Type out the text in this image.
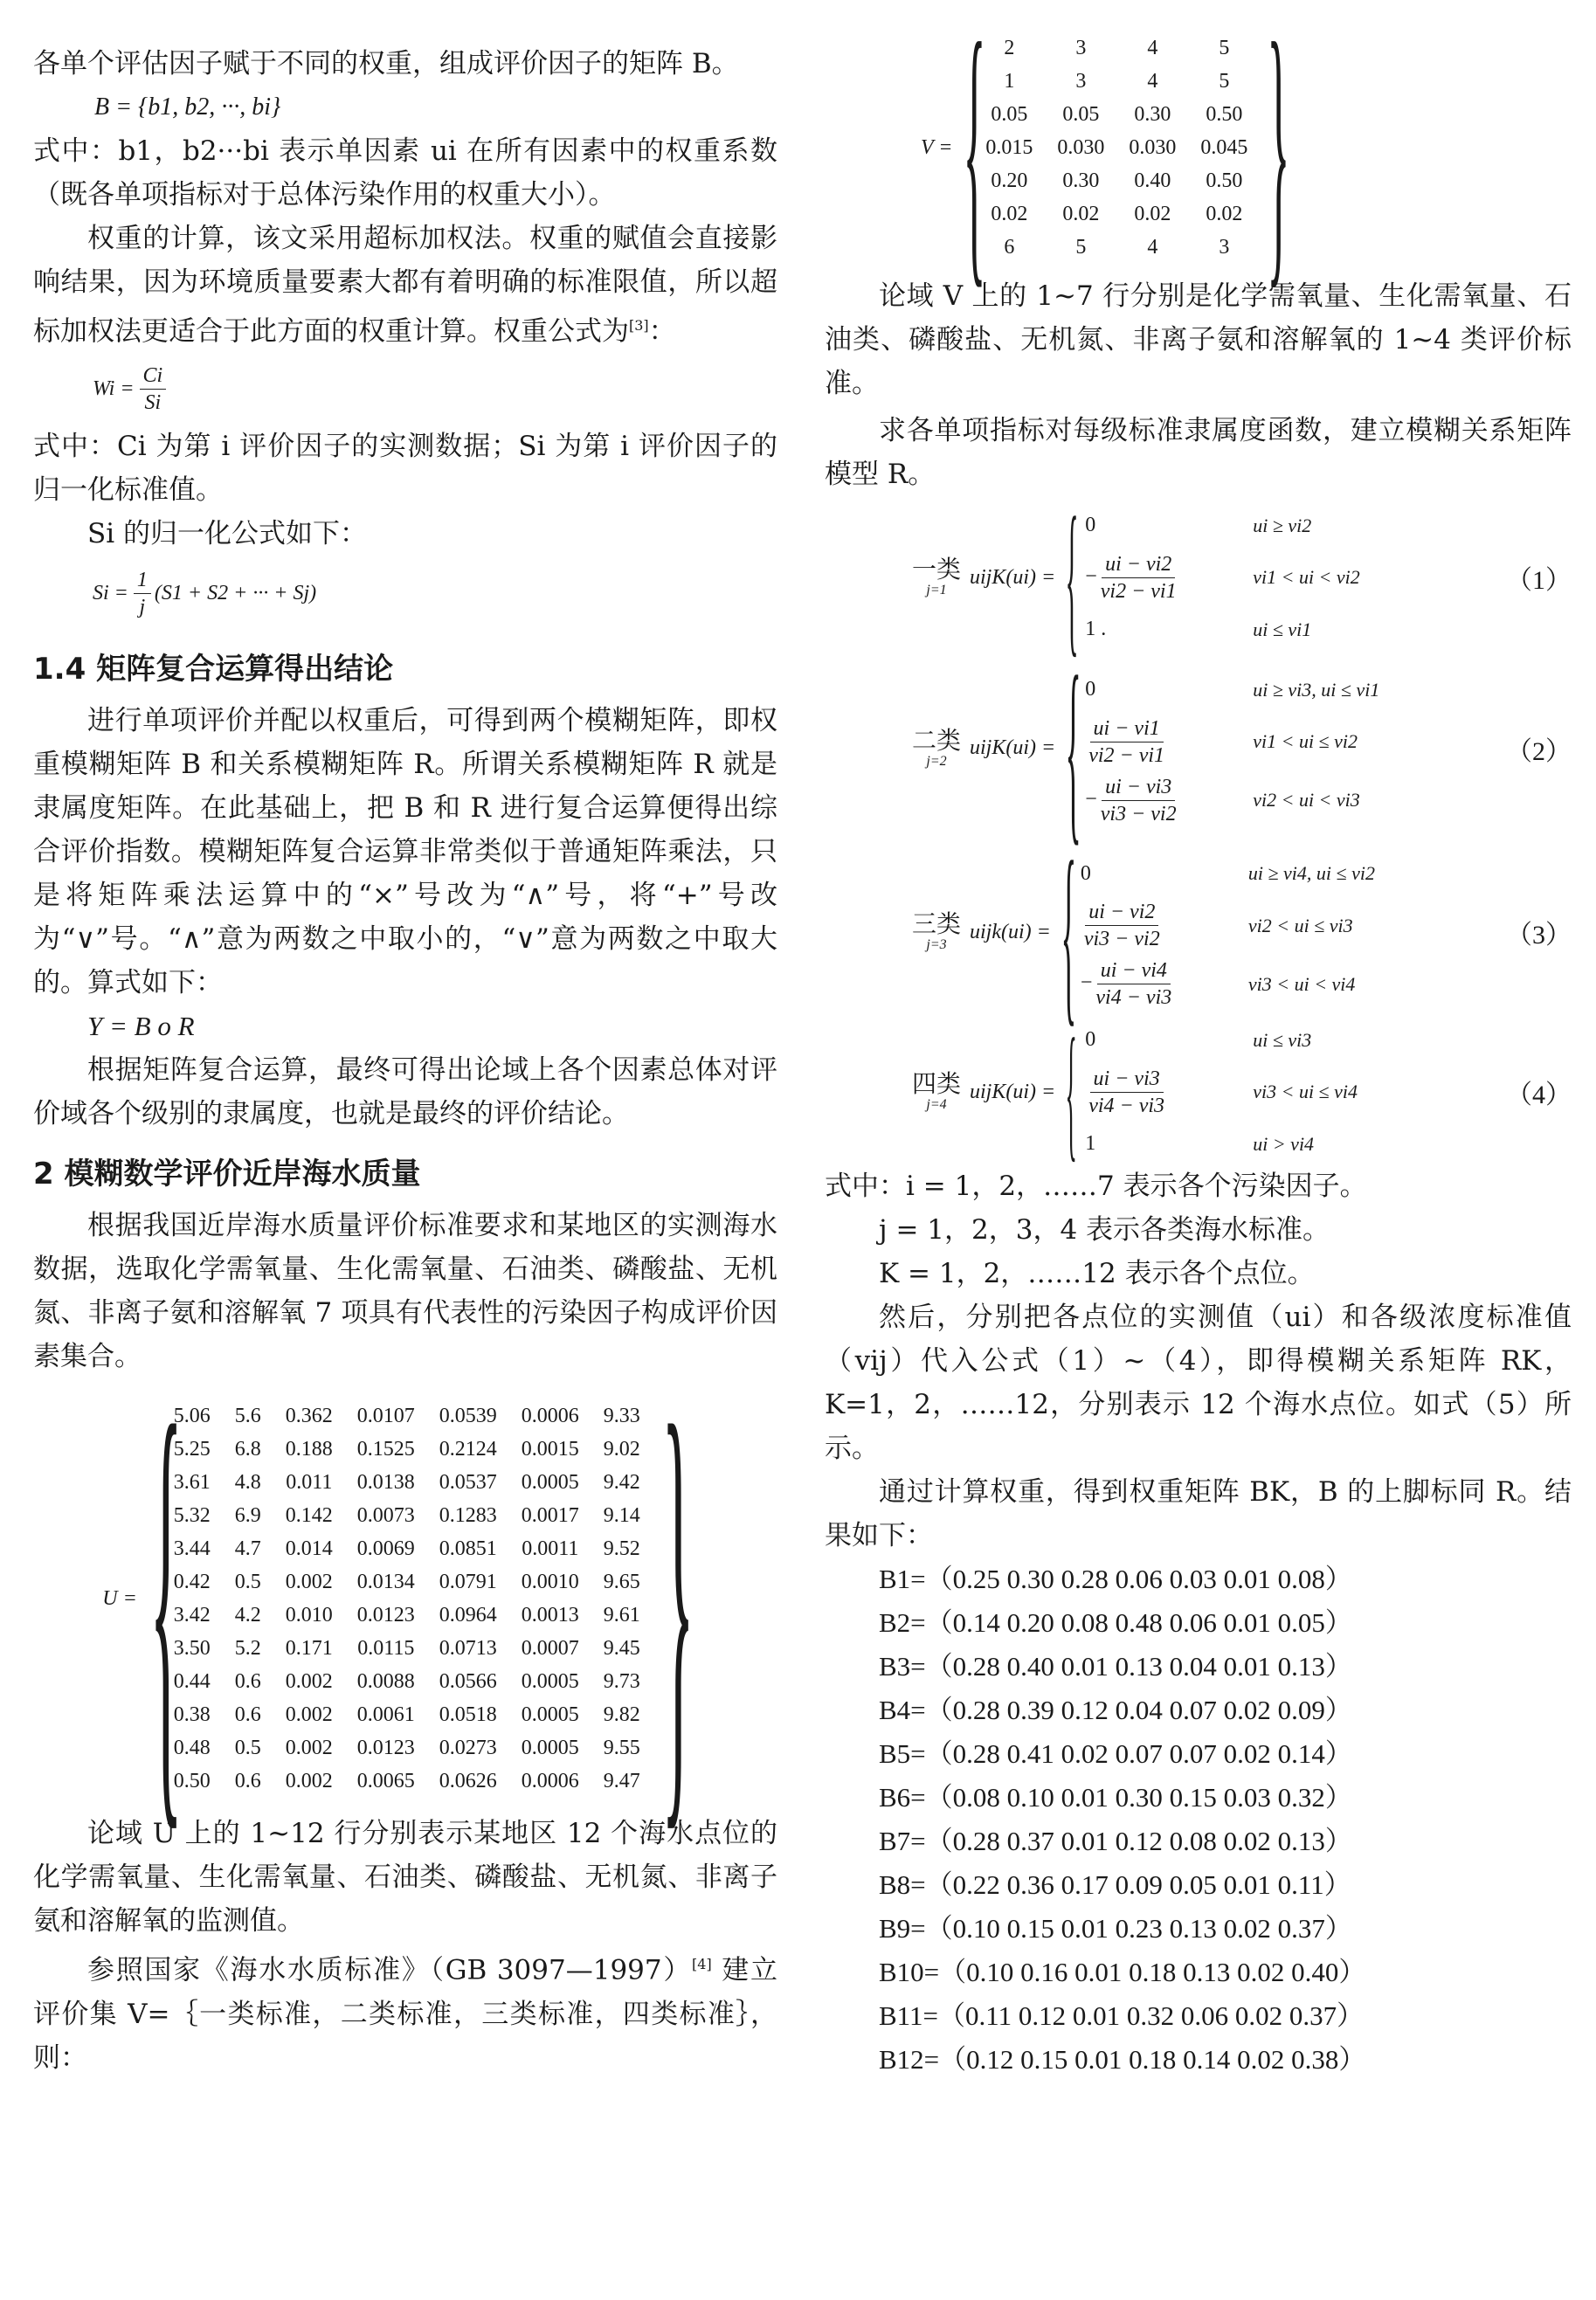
各单个评估因子赋于不同的权重，组成评价因子的矩阵 B。

B = {b1, b2, ···, bi}

式中：b1，b2···bi 表示单因素 ui 在所有因素中的权重系数（既各单项指标对于总体污染作用的权重大小）。

权重的计算，该文采用超标加权法。权重的赋值会直接影响结果，因为环境质量要素大都有着明确的标准限值，所以超标加权法更适合于此方面的权重计算。权重公式为[3]：

$Wi = \frac{Ci}{Si}$

式中：Ci 为第 i 评价因子的实测数据；Si 为第 i 评价因子的归一化标准值。

Si 的归一化公式如下：

$Si = \frac{1}{j} (S1 + S2$ + ··· + Sj)
1.4 矩阵复合运算得出结论

进行单项评价并配以权重后，可得到两个模糊矩阵，即权重模糊矩阵 B 和关系模糊矩阵 R。所谓关系模糊矩阵 R 就是隶属度矩阵。在此基础上，把 B 和 R 进行复合运算便得出综合评价指数。模糊矩阵复合运算非常类似于普通矩阵乘法，只是将矩阵乘法运算中的“×”号改为“∧”号，将“+”号改为“∨”号。“∧”意为两数之中取小的，“∨”意为两数之中取大的。算式如下：

Y = B o R

根据矩阵复合运算，最终可得出论域上各个因素总体对评价域各个级别的隶属度，也就是最终的评价结论。

2 模糊数学评价近岸海水质量

根据我国近岸海水质量评价标准要求和某地区的实测海水数据，选取化学需氧量、生化需氧量、石油类、磷酸盐、无机氮、非离子氨和溶解氧 7 项具有代表性的污染因子构成评价因素集合。

U = {
5.06	5.6	0.362	0.0107	0.0539	0.0006	9.33
5.25	6.8	0.188	0.1525	0.2124	0.0015	9.02
3.61	4.8	0.011	0.0138	0.0537	0.0005	9.42
5.32	6.9	0.142	0.0073	0.1283	0.0017	9.14
3.44	4.7	0.014	0.0069	0.0851	0.0011	9.52
0.42	0.5	0.002	0.0134	0.0791	0.0010	9.65
3.42	4.2	0.010	0.0123	0.0964	0.0013	9.61
3.50	5.2	0.171	0.0115	0.0713	0.0007	9.45
0.44	0.6	0.002	0.0088	0.0566	0.0005	9.73
0.38	0.6	0.002	0.0061	0.0518	0.0005	9.82
0.48	0.5	0.002	0.0123	0.0273	0.0005	9.55
0.50	0.6	0.002	0.0065	0.0626	0.0006	9.47 }

论域 U 上的 1~12 行分别表示某地区 12 个海水点位的化学需氧量、生化需氧量、石油类、磷酸盐、无机氮、非离子氨和溶解氧的监测值。

参照国家《海水水质标准》（GB 3097—1997）[4] 建立评价集 V=｛一类标准，二类标准，三类标准，四类标准｝，则：

V = { 2	3	4	5
1	3	4	5
0.05	0.05	0.30	0.50
0.015	0.030	0.030	0.045
0.20	0.30	0.40	0.50
0.02	0.02	0.02	0.02
6	5	4	3 }

论域 V 上的 1~7 行分别是化学需氧量、生化需氧量、石油类、磷酸盐、无机氮、非离子氨和溶解氧的 1~4 类评价标准。

求各单项指标对每级标准隶属度函数，建立模糊关系矩阵模型 R。

一类
j=1
uijK(ui) = { 0	ui ≥ vi2
− $\frac{ui - vi2}{vi2 - vi1}$	vi1 < ui < vi2
1 .	ui ≤ vi1
（1）
二类
j=2
uijK(ui) = { 0	ui ≥ vi3, ui ≤ vi1

$\frac{ui - vi1}{vi2 - vi1}$	vi1 < ui ≤ vi2
− $\frac{ui - vi3}{vi3 - vi2}$	vi2 < ui < vi3
（2）
三类
j=3
uijk(ui) = { 0	ui ≥ vi4, ui ≤ vi2

$\frac{ui - vi2}{vi3 - vi2}$	vi2 < ui ≤ vi3
− $\frac{ui - vi4}{vi4 - vi3}$	vi3 < ui < vi4
（3）
四类
j=4
uijK(ui) = { 0	ui ≤ vi3

$\frac{ui - vi3}{vi4 - vi3}$	vi3 < ui ≤ vi4
1	ui > vi4
（4）

式中：i = 1，2，……7 表示各个污染因子。

j = 1，2，3，4 表示各类海水标准。

K = 1，2，……12 表示各个点位。

然后，分别把各点位的实测值（ui）和各级浓度标准值（vij）代入公式（1）~（4），即得模糊关系矩阵 RK，K=1，2，……12，分别表示 12 个海水点位。如式（5）所示。

通过计算权重，得到权重矩阵 BK，B 的上脚标同 R。结果如下：

B1=（0.25 0.30 0.28 0.06 0.03 0.01 0.08）
B2=（0.14 0.20 0.08 0.48 0.06 0.01 0.05）
B3=（0.28 0.40 0.01 0.13 0.04 0.01 0.13）
B4=（0.28 0.39 0.12 0.04 0.07 0.02 0.09）
B5=（0.28 0.41 0.02 0.07 0.07 0.02 0.14）
B6=（0.08 0.10 0.01 0.30 0.15 0.03 0.32）
B7=（0.28 0.37 0.01 0.12 0.08 0.02 0.13）
B8=（0.22 0.36 0.17 0.09 0.05 0.01 0.11）
B9=（0.10 0.15 0.01 0.23 0.13 0.02 0.37）
B10=（0.10 0.16 0.01 0.18 0.13 0.02 0.40）
B11=（0.11 0.12 0.01 0.32 0.06 0.02 0.37）
B12=（0.12 0.15 0.01 0.18 0.14 0.02 0.38）
